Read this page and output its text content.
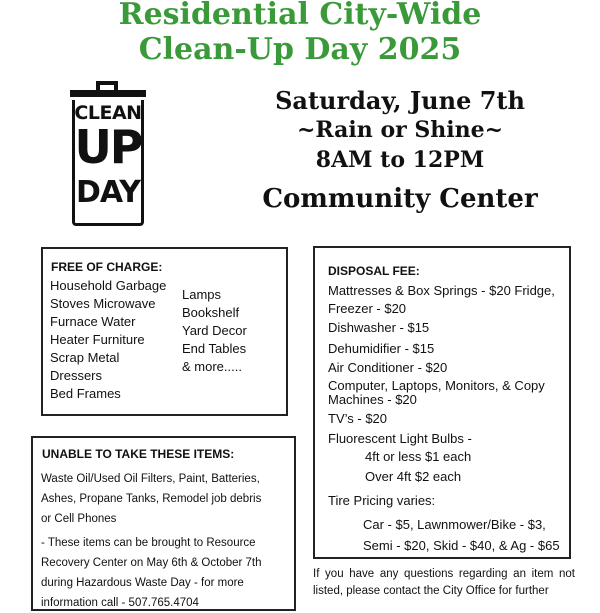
Residential City-Wide
Clean-Up Day 2025
CLEAN
UP
DAY
Saturday, June 7th
~Rain or Shine~
8AM to 12PM
Community Center
FREE OF CHARGE:
Household Garbage
Stoves Microwave
Furnace Water
Heater Furniture
Scrap Metal
Dressers
Bed Frames
Lamps
Bookshelf
Yard Decor
End Tables
& more.....
UNABLE TO TAKE THESE ITEMS:
Waste Oil/Used Oil Filters, Paint, Batteries,
Ashes, Propane Tanks, Remodel job debris
or Cell Phones
- These items can be brought to Resource
Recovery Center on May 6th & October 7th
during Hazardous Waste Day - for more
information call - 507.765.4704
DISPOSAL FEE:
Mattresses & Box Springs - $20 Fridge,
Freezer - $20
Dishwasher - $15
Dehumidifier - $15
Air Conditioner - $20
Computer, Laptops, Monitors, & Copy
Machines - $20
TV’s - $20
Fluorescent Light Bulbs -
4ft or less $1 each
Over 4ft $2 each
Tire Pricing varies:
Car - $5, Lawnmower/Bike - $3,
Semi - $20, Skid - $40, & Ag - $65
If you have any questions regarding an item not listed, please contact the City Office for further
